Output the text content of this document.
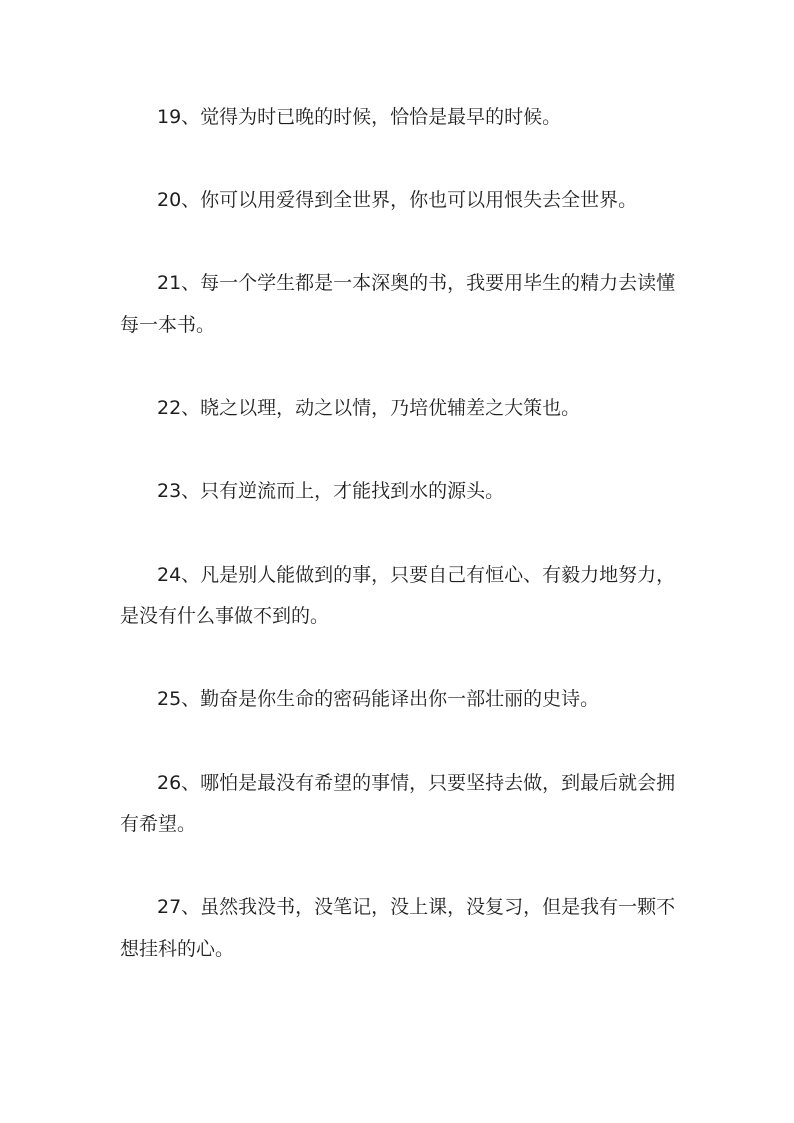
19、觉得为时已晚的时候，恰恰是最早的时候。

20、你可以用爱得到全世界，你也可以用恨失去全世界。

21、每一个学生都是一本深奥的书，我要用毕生的精力去读懂
每一本书。

22、晓之以理，动之以情，乃培优辅差之大策也。

23、只有逆流而上，才能找到水的源头。

24、凡是别人能做到的事，只要自己有恒心、有毅力地努力，
是没有什么事做不到的。

25、勤奋是你生命的密码能译出你一部壮丽的史诗。

26、哪怕是最没有希望的事情，只要坚持去做，到最后就会拥
有希望。

27、虽然我没书，没笔记，没上课，没复习，但是我有一颗不
想挂科的心。
